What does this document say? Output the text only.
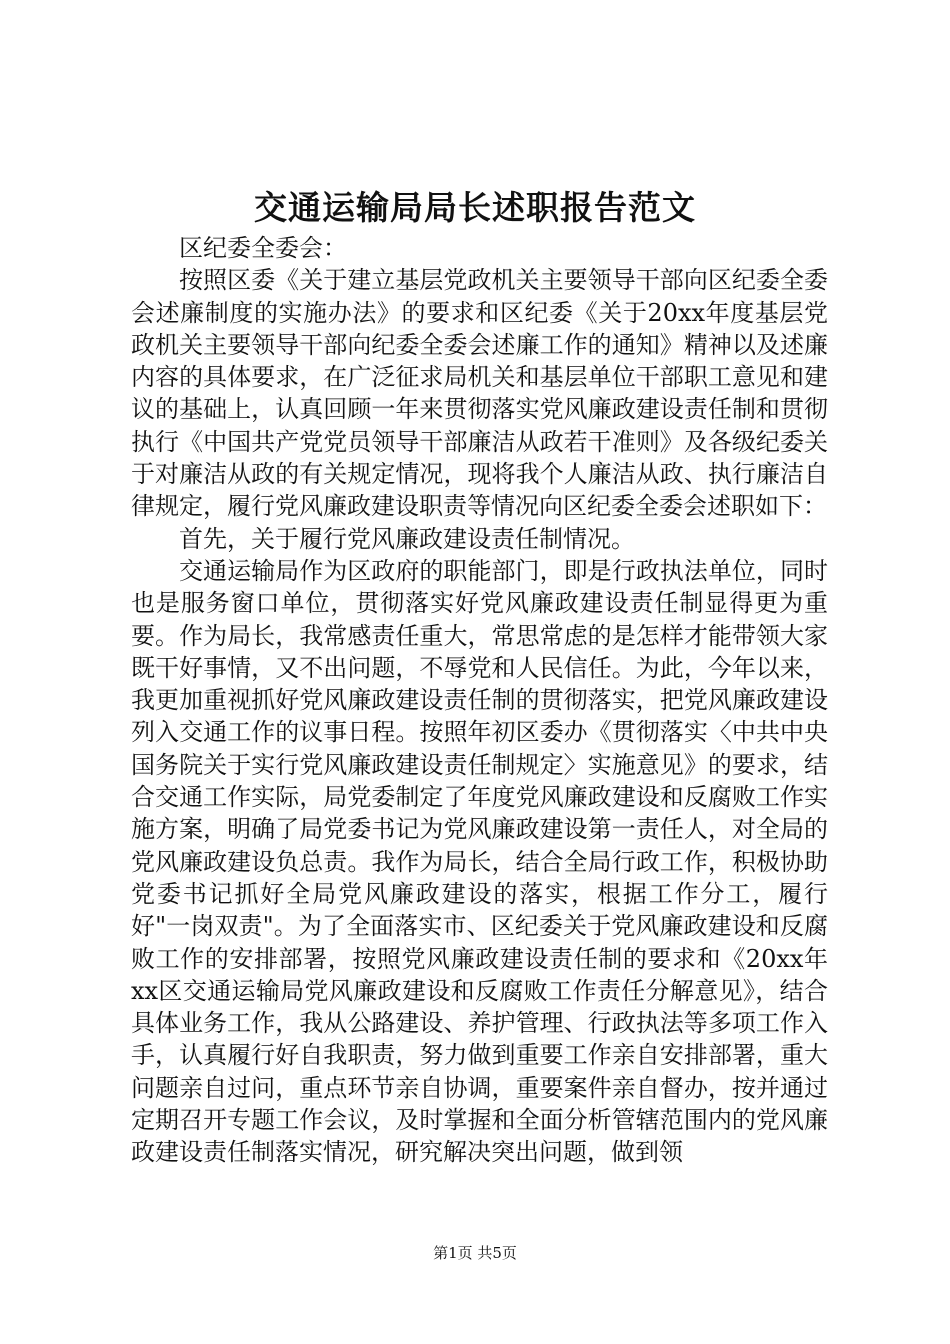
交通运输局局长述职报告范文

区纪委全委会：

按照区委《关于建立基层党政机关主要领导干部向区纪委全委会述廉制度的实施办法》的要求和区纪委《关于20xx年度基层党政机关主要领导干部向纪委全委会述廉工作的通知》精神以及述廉内容的具体要求，在广泛征求局机关和基层单位干部职工意见和建议的基础上，认真回顾一年来贯彻落实党风廉政建设责任制和贯彻执行《中国共产党党员领导干部廉洁从政若干准则》及各级纪委关于对廉洁从政的有关规定情况，现将我个人廉洁从政、执行廉洁自律规定，履行党风廉政建设职责等情况向区纪委全委会述职如下：

首先，关于履行党风廉政建设责任制情况。

交通运输局作为区政府的职能部门，即是行政执法单位，同时也是服务窗口单位，贯彻落实好党风廉政建设责任制显得更为重要。作为局长，我常感责任重大，常思常虑的是怎样才能带领大家既干好事情，又不出问题，不辱党和人民信任。为此，今年以来，我更加重视抓好党风廉政建设责任制的贯彻落实，把党风廉政建设列入交通工作的议事日程。按照年初区委办《贯彻落实〈中共中央国务院关于实行党风廉政建设责任制规定〉实施意见》的要求，结合交通工作实际，局党委制定了年度党风廉政建设和反腐败工作实施方案，明确了局党委书记为党风廉政建设第一责任人，对全局的党风廉政建设负总责。我作为局长，结合全局行政工作，积极协助党委书记抓好全局党风廉政建设的落实，根据工作分工，履行好"一岗双责"。为了全面落实市、区纪委关于党风廉政建设和反腐败工作的安排部署，按照党风廉政建设责任制的要求和《20xx年xx区交通运输局党风廉政建设和反腐败工作责任分解意见》，结合具体业务工作，我从公路建设、养护管理、行政执法等多项工作入手，认真履行好自我职责，努力做到重要工作亲自安排部署，重大问题亲自过问，重点环节亲自协调，重要案件亲自督办，按并通过定期召开专题工作会议，及时掌握和全面分析管辖范围内的党风廉政建设责任制落实情况，研究解决突出问题，做到领

第1页 共5页
